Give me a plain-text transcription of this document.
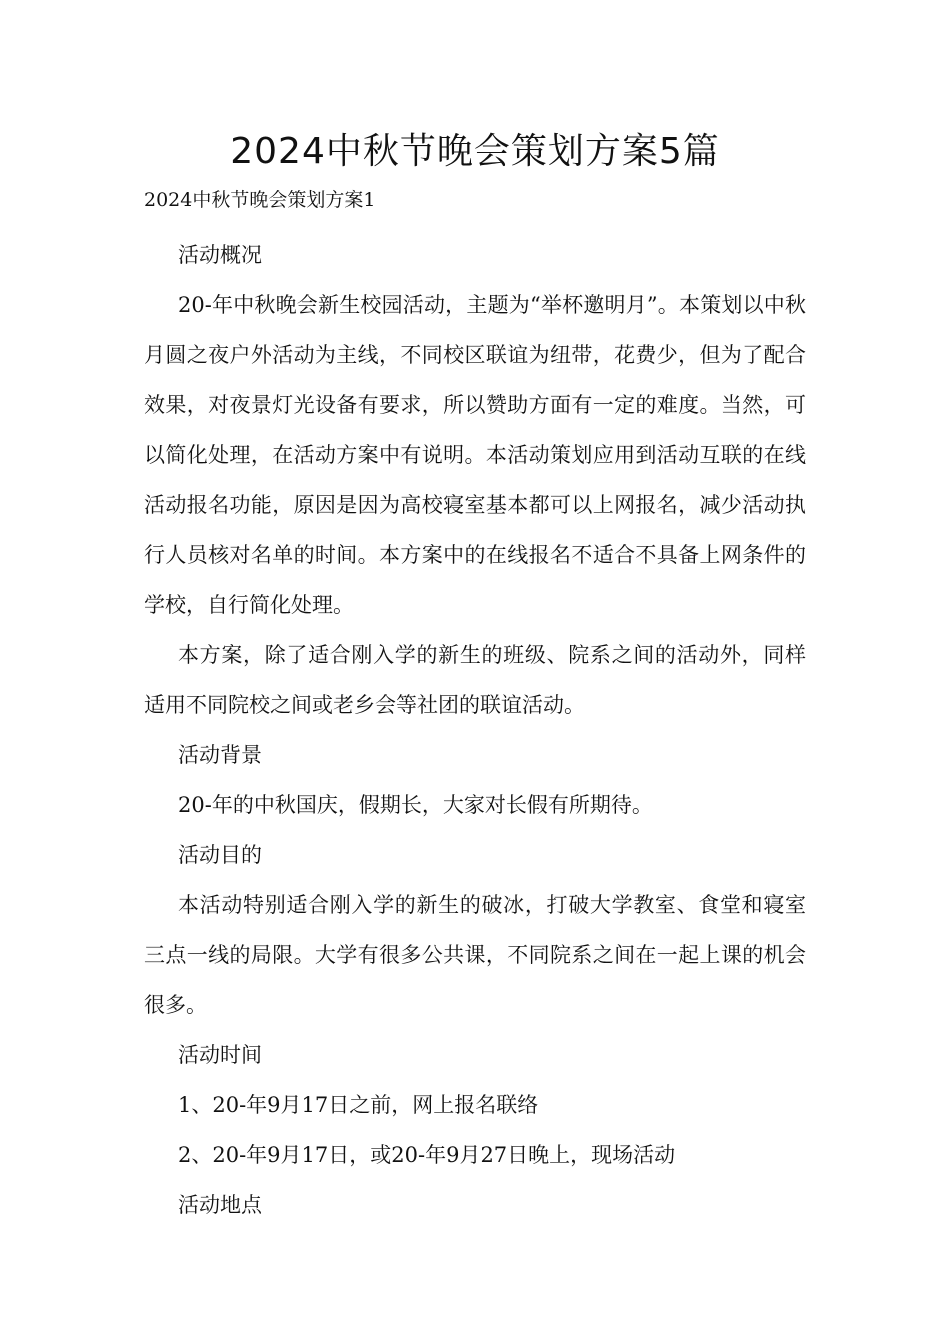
2024中秋节晚会策划方案5篇

2024中秋节晚会策划方案1

活动概况

20-年中秋晚会新生校园活动，主题为“举杯邀明月”。本策划以中秋月圆之夜户外活动为主线，不同校区联谊为纽带，花费少，但为了配合效果，对夜景灯光设备有要求，所以赞助方面有一定的难度。当然，可以简化处理，在活动方案中有说明。本活动策划应用到活动互联的在线活动报名功能，原因是因为高校寝室基本都可以上网报名，减少活动执行人员核对名单的时间。本方案中的在线报名不适合不具备上网条件的学校，自行简化处理。

本方案，除了适合刚入学的新生的班级、院系之间的活动外，同样适用不同院校之间或老乡会等社团的联谊活动。

活动背景

20-年的中秋国庆，假期长，大家对长假有所期待。

活动目的

本活动特别适合刚入学的新生的破冰，打破大学教室、食堂和寝室三点一线的局限。大学有很多公共课，不同院系之间在一起上课的机会很多。

活动时间

1、20-年9月17日之前，网上报名联络

2、20-年9月17日，或20-年9月27日晚上，现场活动

活动地点
